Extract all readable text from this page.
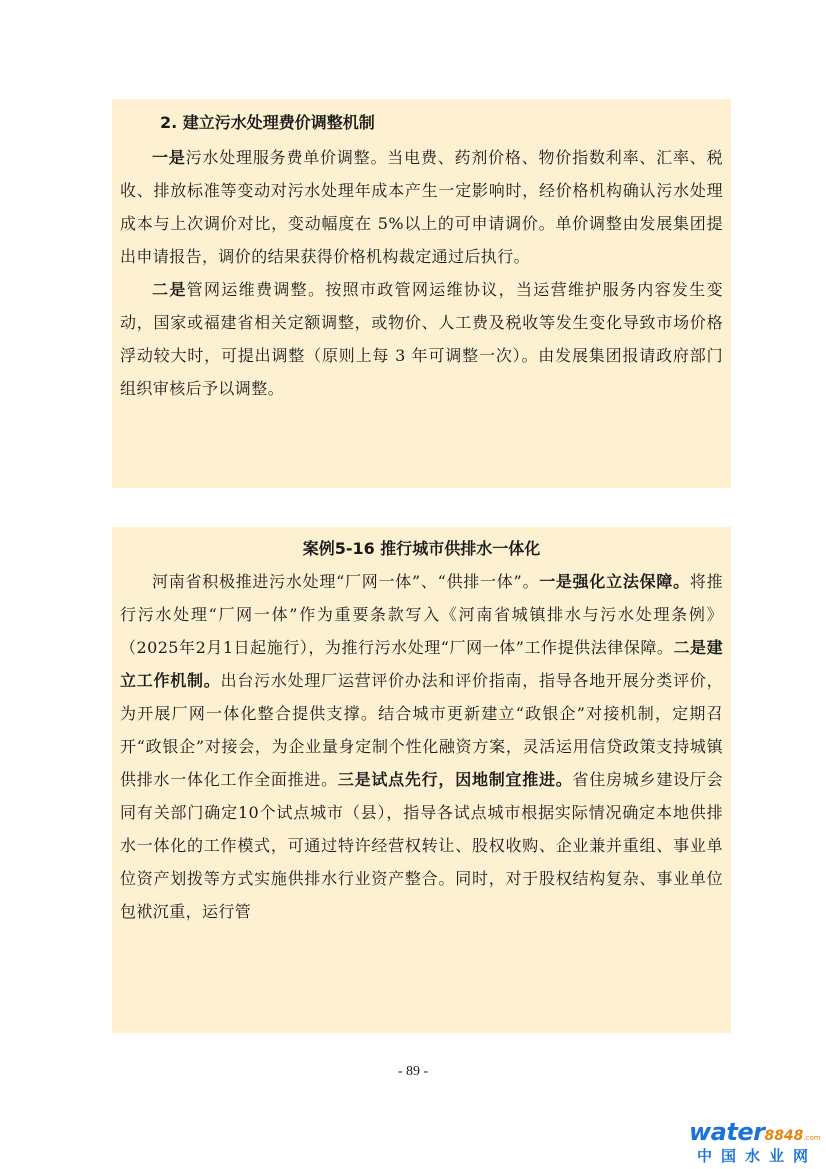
2. 建立污水处理费价调整机制

一是污水处理服务费单价调整。当电费、药剂价格、物价指数利率、汇率、税收、排放标准等变动对污水处理年成本产生一定影响时，经价格机构确认污水处理成本与上次调价对比，变动幅度在 5%以上的可申请调价。单价调整由发展集团提出申请报告，调价的结果获得价格机构裁定通过后执行。

二是管网运维费调整。按照市政管网运维协议，当运营维护服务内容发生变动，国家或福建省相关定额调整，或物价、人工费及税收等发生变化导致市场价格浮动较大时，可提出调整（原则上每 3 年可调整一次）。由发展集团报请政府部门组织审核后予以调整。

案例5-16 推行城市供排水一体化

河南省积极推进污水处理“厂网一体”、“供排一体”。一是强化立法保障。将推行污水处理“厂网一体”作为重要条款写入《河南省城镇排水与污水处理条例》（2025年2月1日起施行），为推行污水处理“厂网一体”工作提供法律保障。二是建立工作机制。出台污水处理厂运营评价办法和评价指南，指导各地开展分类评价，为开展厂网一体化整合提供支撑。结合城市更新建立“政银企”对接机制，定期召开“政银企”对接会，为企业量身定制个性化融资方案，灵活运用信贷政策支持城镇供排水一体化工作全面推进。三是试点先行，因地制宜推进。省住房城乡建设厅会同有关部门确定10个试点城市（县），指导各试点城市根据实际情况确定本地供排水一体化的工作模式，可通过特许经营权转让、股权收购、企业兼并重组、事业单位资产划拨等方式实施供排水行业资产整合。同时，对于股权结构复杂、事业单位包袱沉重，运行管

- 89 -
water8848.com
中国水业网
